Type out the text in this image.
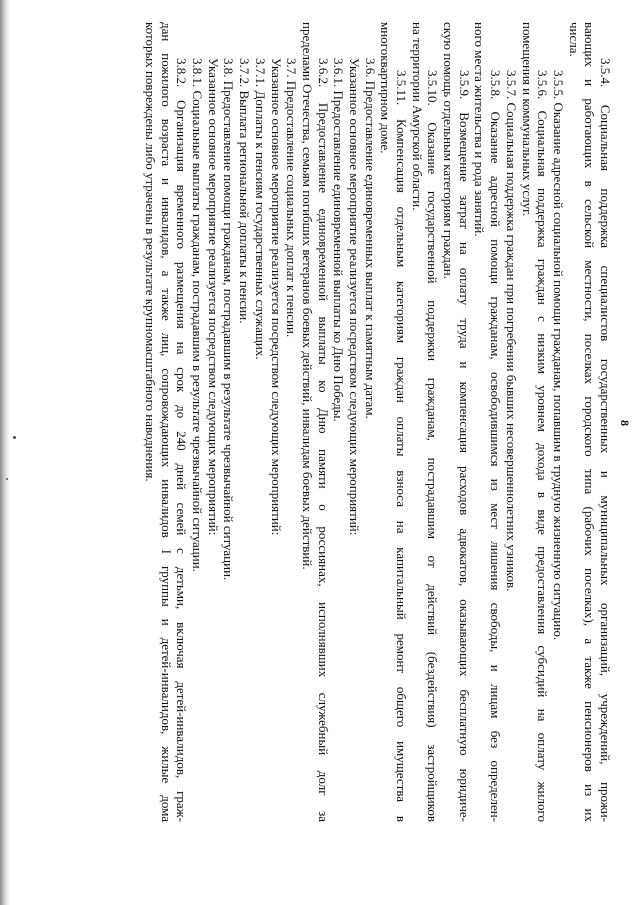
8
3.5.4. Социальная поддержка специалистов государственных и муниципальных организаций, учреждений, прожи-
вающих и работающих в сельской местности, поселках городского типа (рабочих поселках), а также пенсионеров из их
числа.
3.5.5. Оказание адресной социальной помощи гражданам, попавшим в трудную жизненную ситуацию.
3.5.6. Социальная поддержка граждан с низким уровнем дохода в виде предоставления субсидий на оплату жилого
помещения и коммунальных услуг.
3.5.7. Социальная поддержка граждан при погребении бывших несовершеннолетних узников.
3.5.8. Оказание адресной помощи гражданам, освободившимся из мест лишения свободы, и лицам без определен-
ного места жительства и рода занятий.
3.5.9. Возмещение затрат на оплату труда и компенсация расходов адвокатов, оказывающих бесплатную юридиче-
скую помощь отдельным категориям граждан.
3.5.10. Оказание государственной поддержки гражданам, пострадавшим от действий (бездействия) застройщиков
на территории Амурской области.
3.5.11. Компенсация отдельным категориям граждан оплаты взноса на капитальный ремонт общего имущества в
многоквартирном доме.
3.6. Предоставление единовременных выплат к памятным датам.
Указанное основное мероприятие реализуется посредством следующих мероприятий:
3.6.1. Предоставление единовременной выплаты ко Дню Победы.
3.6.2. Предоставление единовременной выплаты ко Дню памяти о россиянах, исполнявших служебный долг за
пределами Отечества, семьям погибших ветеранов боевых действий, инвалидам боевых действий.
3.7. Предоставление социальных доплат к пенсии.
Указанное основное мероприятие реализуется посредством следующих мероприятий:
3.7.1. Доплаты к пенсиям государственных служащих.
3.7.2. Выплата региональной доплаты к пенсии.
3.8. Предоставление помощи гражданам, пострадавшим в результате чрезвычайной ситуации.
Указанное основное мероприятие реализуется посредством следующих мероприятий:
3.8.1. Социальные выплаты гражданам, пострадавшим в результате чрезвычайной ситуации.
3.8.2. Организация временного размещения на срок до 240 дней семей с детьми, включая детей-инвалидов, граж-
дан пожилого возраста и инвалидов, а также лиц, сопровождающих инвалидов I группы и детей-инвалидов, жилые дома
которых повреждены либо утрачены в результате крупномасштабного наводнения.
